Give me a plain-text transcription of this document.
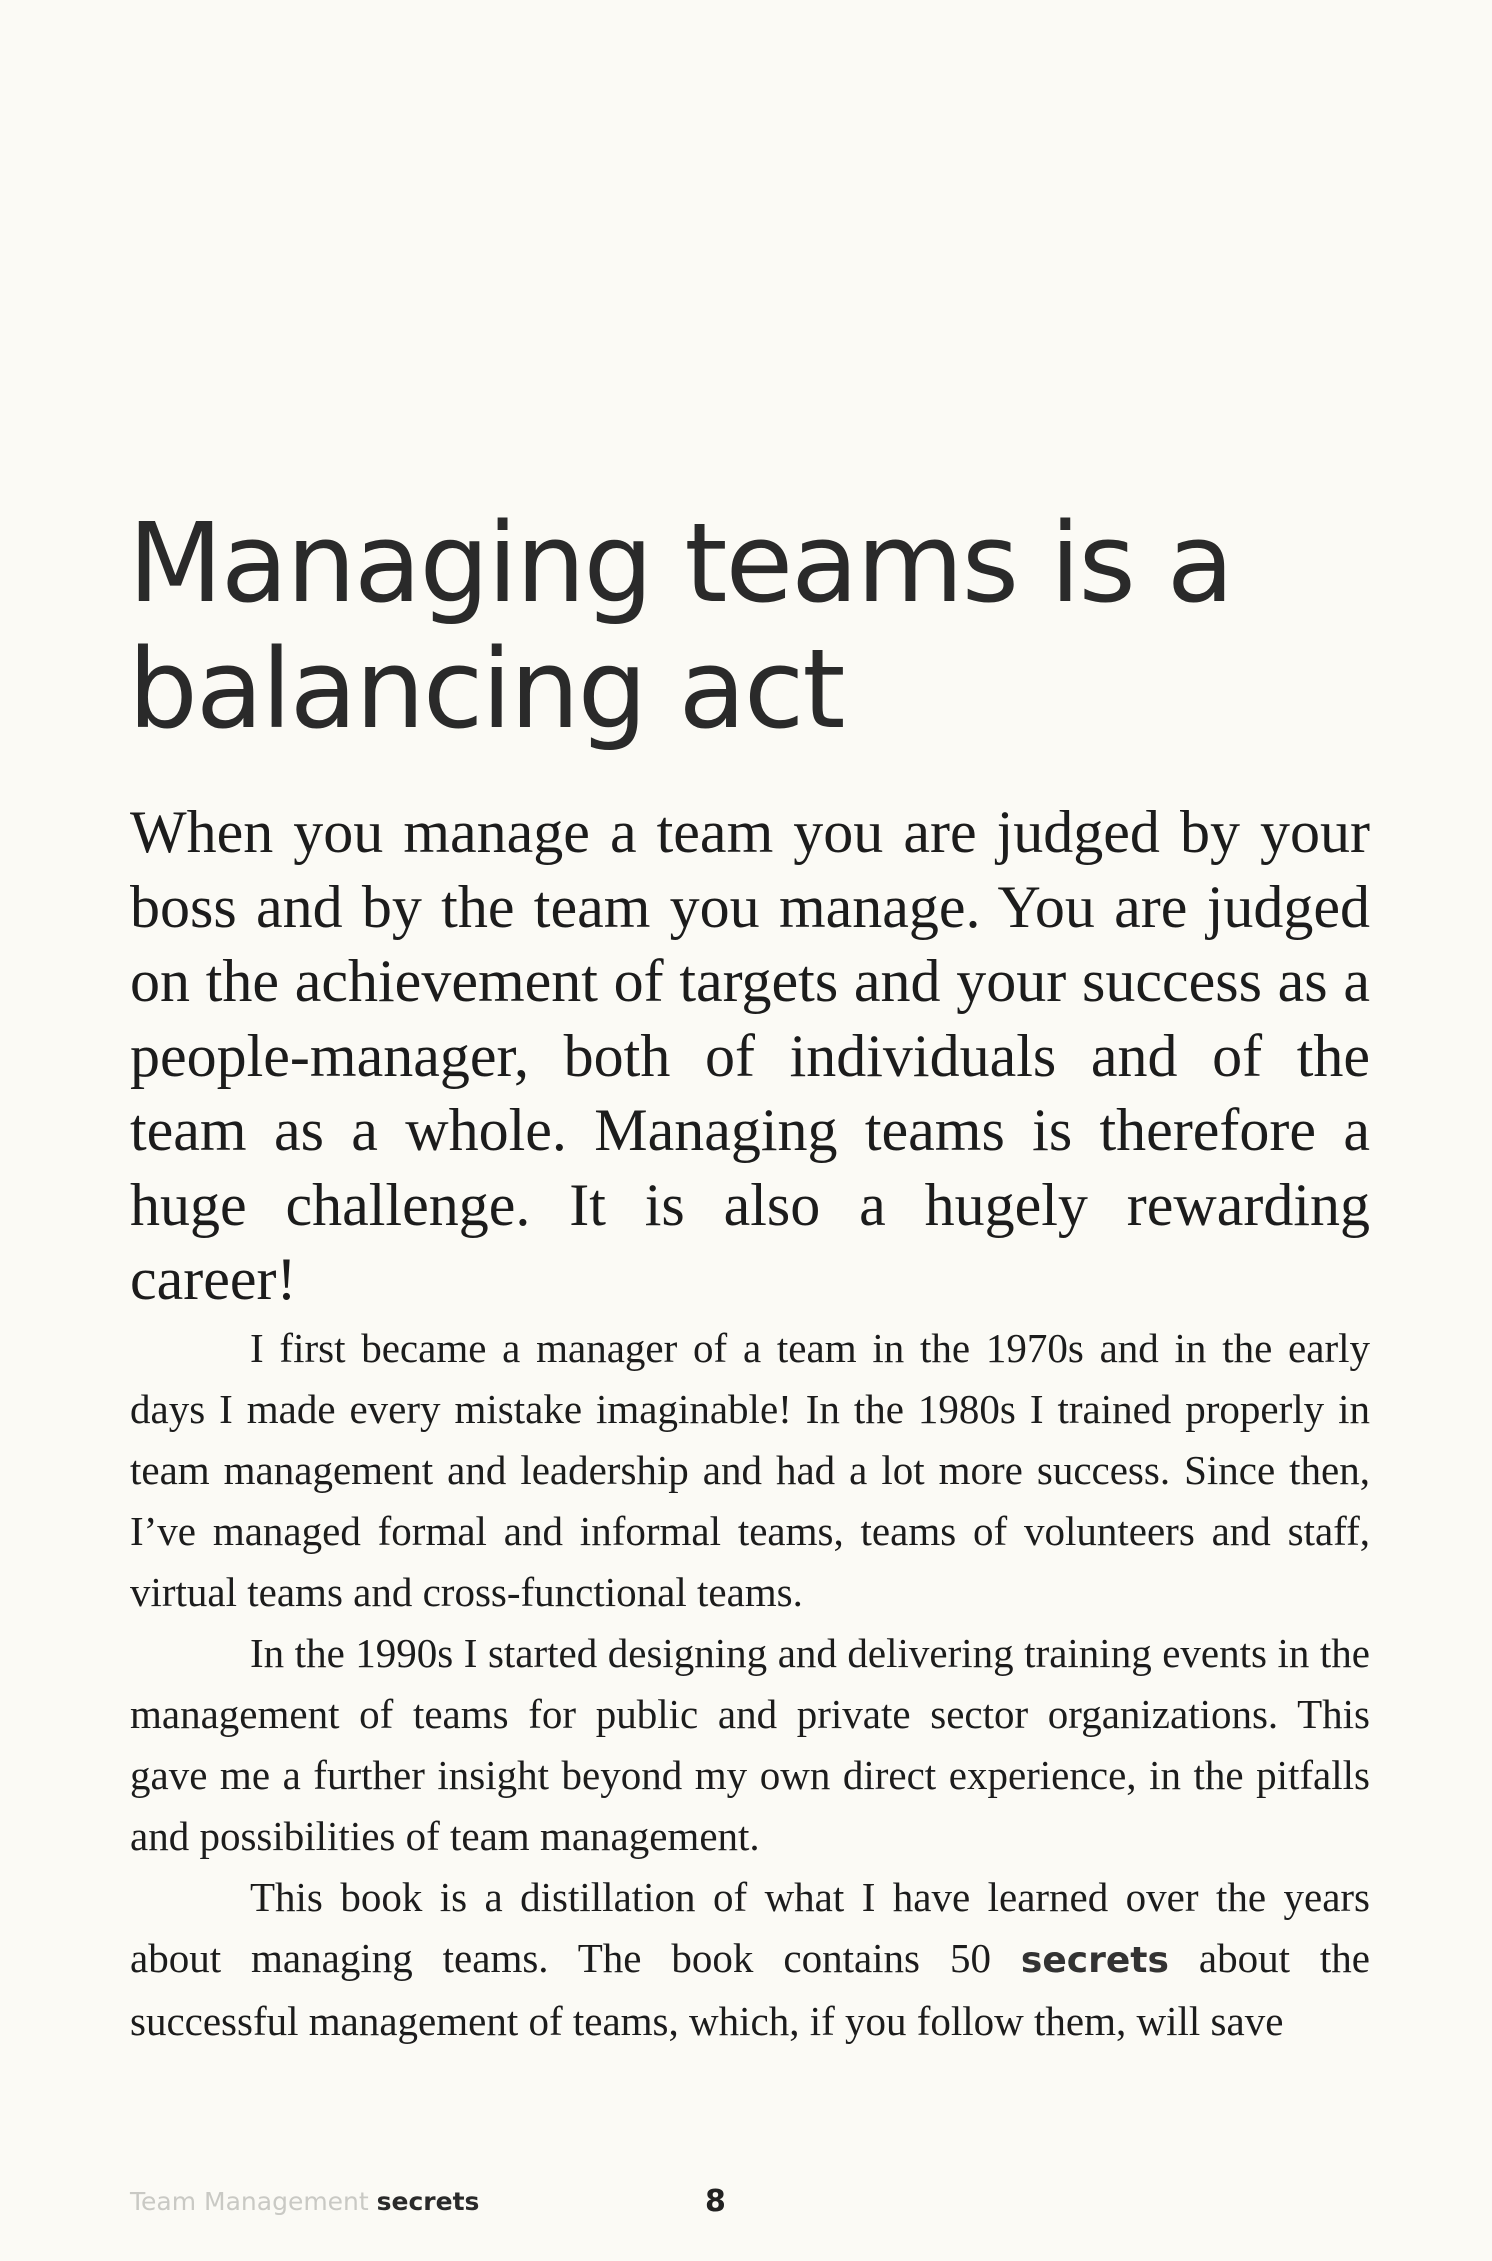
Managing teams is a
balancing act

When you manage a team you are judged by your boss and by the team you manage. You are judged on the achievement of targets and your success as a people-manager, both of individuals and of the team as a whole. Managing teams is therefore a huge challenge. It is also a hugely rewarding career!

I first became a manager of a team in the 1970s and in the early days I made every mistake imaginable! In the 1980s I trained properly in team management and leadership and had a lot more success. Since then, I’ve managed formal and informal teams, teams of volunteers and staff, virtual teams and cross-functional teams.

In the 1990s I started designing and delivering training events in the management of teams for public and private sector organizations. This gave me a further insight beyond my own direct experience, in the pitfalls and possibilities of team management.

This book is a distillation of what I have learned over the years about managing teams. The book contains 50 secrets about the successful management of teams, which, if you follow them, will save

Team Management secrets	8
